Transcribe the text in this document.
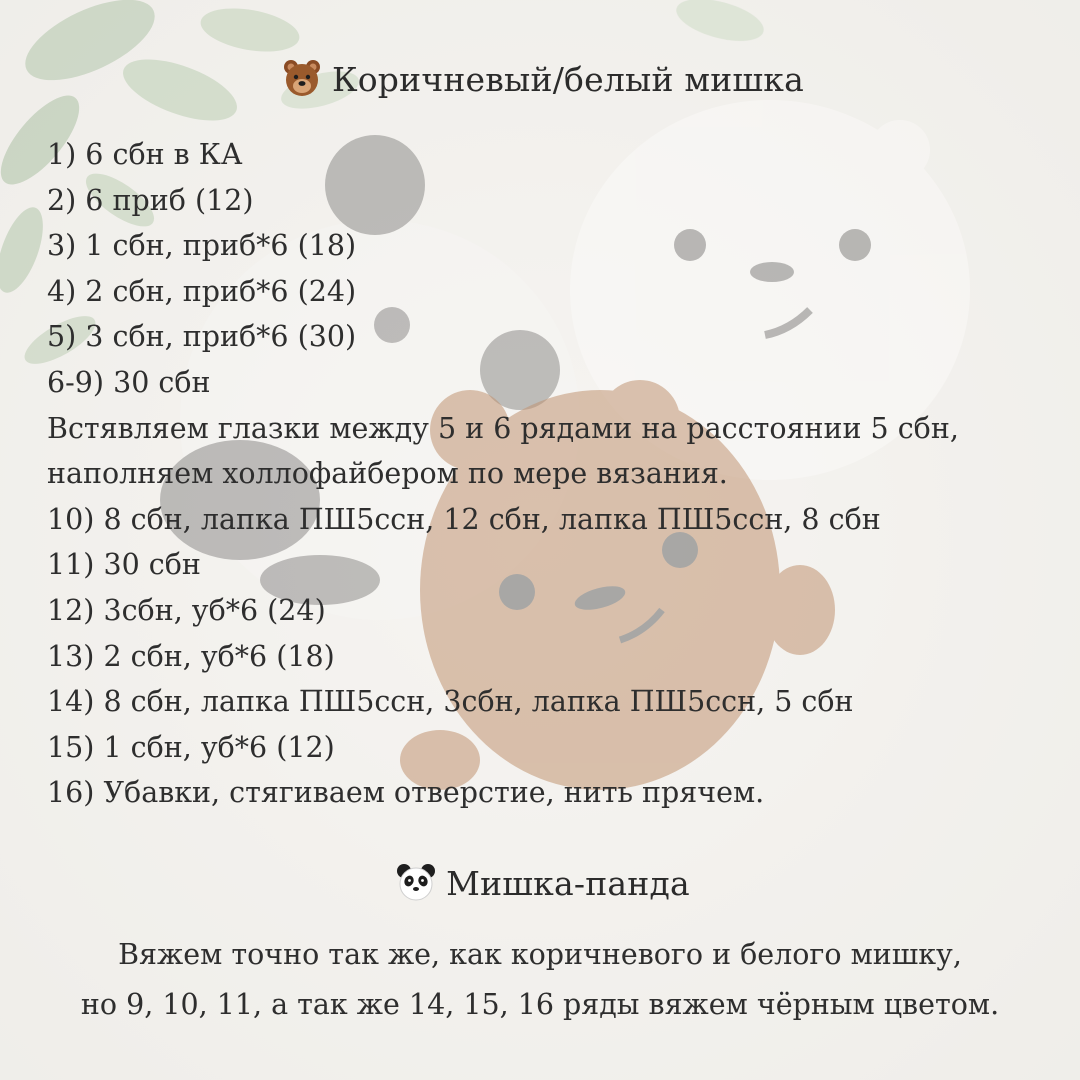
Коричневый/белый мишка
1) 6 сбн в КА
2) 6 приб (12)
3) 1 сбн, приб*6 (18)
4) 2 сбн, приб*6 (24)
5) 3 сбн, приб*6 (30)
6-9) 30 сбн
Встявляем глазки между 5 и 6 рядами на расстоянии 5 сбн,
наполняем холлофайбером по мере вязания.
10) 8 сбн, лапка ПШ5ссн, 12 сбн, лапка ПШ5ссн, 8 сбн
11) 30 сбн
12) 3сбн, уб*6 (24)
13) 2 сбн, уб*6 (18)
14) 8 сбн, лапка ПШ5ссн, 3сбн, лапка ПШ5ссн, 5 сбн
15) 1 сбн, уб*6 (12)
16) Убавки, стягиваем отверстие, нить прячем.
Мишка-панда
Вяжем точно так же, как коричневого и белого мишку,
но 9, 10, 11, а так же 14, 15, 16 ряды вяжем чёрным цветом.
